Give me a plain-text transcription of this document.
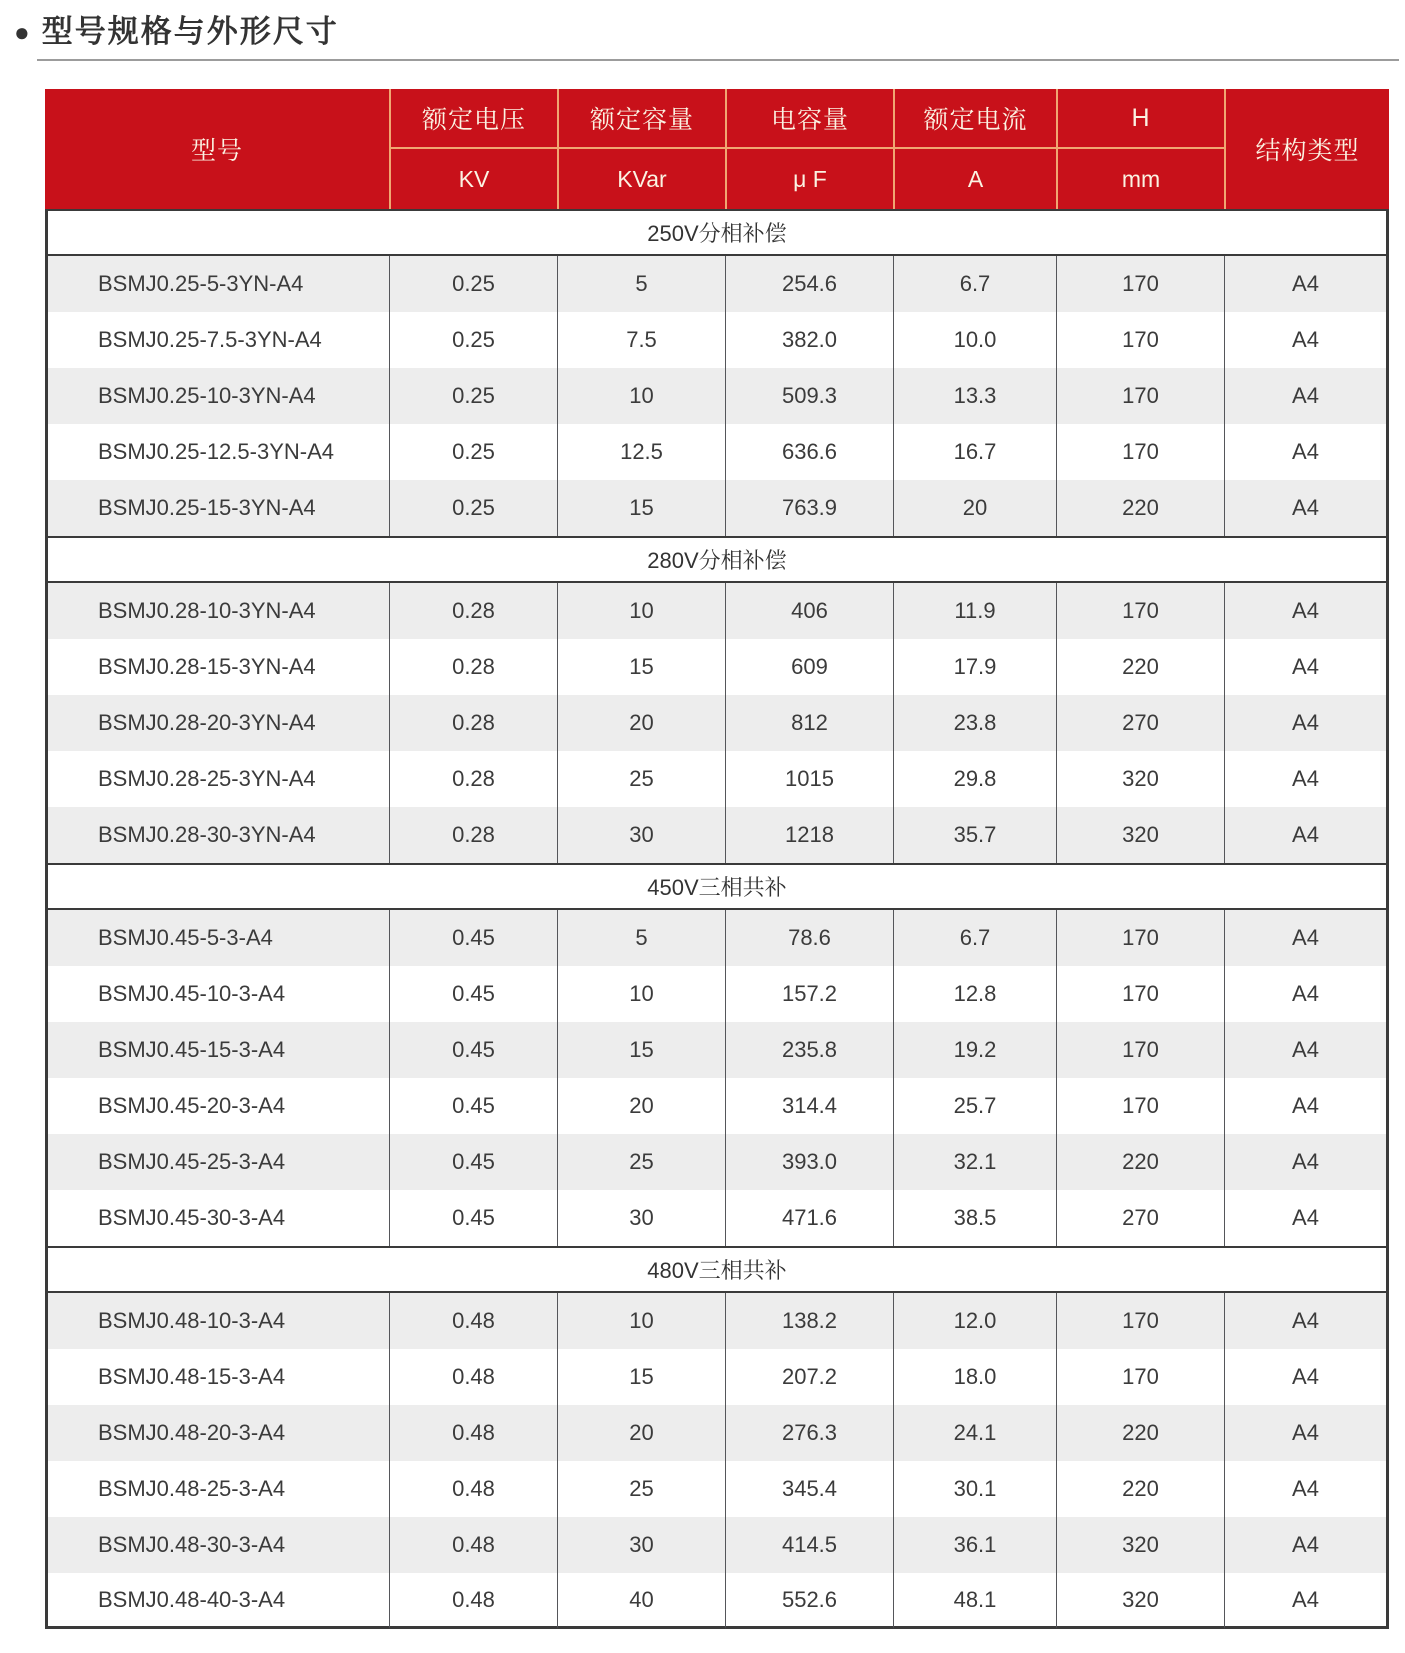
● 型号规格与外形尺寸
型号	额定电压	额定容量	电容量	额定电流	H	结构类型
	KV	KVar	μ F	A	mm	
250V分相补偿						
BSMJ0.25-5-3YN-A4	0.25	5	254.6	6.7	170	A4
BSMJ0.25-7.5-3YN-A4	0.25	7.5	382.0	10.0	170	A4
BSMJ0.25-10-3YN-A4	0.25	10	509.3	13.3	170	A4
BSMJ0.25-12.5-3YN-A4	0.25	12.5	636.6	16.7	170	A4
BSMJ0.25-15-3YN-A4	0.25	15	763.9	20	220	A4
280V分相补偿						
BSMJ0.28-10-3YN-A4	0.28	10	406	11.9	170	A4
BSMJ0.28-15-3YN-A4	0.28	15	609	17.9	220	A4
BSMJ0.28-20-3YN-A4	0.28	20	812	23.8	270	A4
BSMJ0.28-25-3YN-A4	0.28	25	1015	29.8	320	A4
BSMJ0.28-30-3YN-A4	0.28	30	1218	35.7	320	A4
450V三相共补						
BSMJ0.45-5-3-A4	0.45	5	78.6	6.7	170	A4
BSMJ0.45-10-3-A4	0.45	10	157.2	12.8	170	A4
BSMJ0.45-15-3-A4	0.45	15	235.8	19.2	170	A4
BSMJ0.45-20-3-A4	0.45	20	314.4	25.7	170	A4
BSMJ0.45-25-3-A4	0.45	25	393.0	32.1	220	A4
BSMJ0.45-30-3-A4	0.45	30	471.6	38.5	270	A4
480V三相共补						
BSMJ0.48-10-3-A4	0.48	10	138.2	12.0	170	A4
BSMJ0.48-15-3-A4	0.48	15	207.2	18.0	170	A4
BSMJ0.48-20-3-A4	0.48	20	276.3	24.1	220	A4
BSMJ0.48-25-3-A4	0.48	25	345.4	30.1	220	A4
BSMJ0.48-30-3-A4	0.48	30	414.5	36.1	320	A4
BSMJ0.48-40-3-A4	0.48	40	552.6	48.1	320	A4
